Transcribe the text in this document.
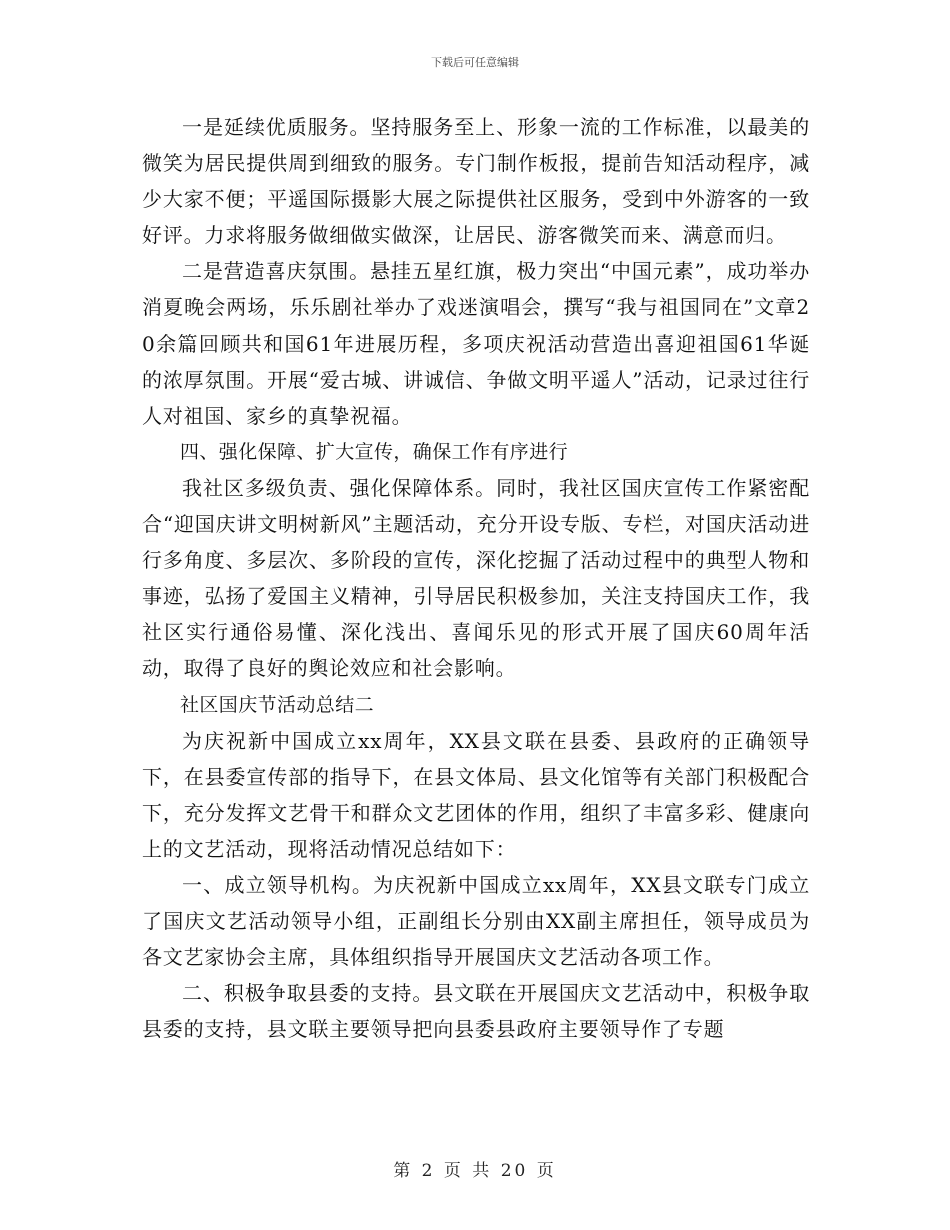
下载后可任意编辑

一是延续优质服务。坚持服务至上、形象一流的工作标准，以最美的微笑为居民提供周到细致的服务。专门制作板报，提前告知活动程序，减少大家不便；平遥国际摄影大展之际提供社区服务，受到中外游客的一致好评。力求将服务做细做实做深，让居民、游客微笑而来、满意而归。

二是营造喜庆氛围。悬挂五星红旗，极力突出“中国元素”，成功举办消夏晚会两场，乐乐剧社举办了戏迷演唱会，撰写“我与祖国同在”文章20余篇回顾共和国61年进展历程，多项庆祝活动营造出喜迎祖国61华诞的浓厚氛围。开展“爱古城、讲诚信、争做文明平遥人”活动，记录过往行人对祖国、家乡的真挚祝福。

四、强化保障、扩大宣传，确保工作有序进行

我社区多级负责、强化保障体系。同时，我社区国庆宣传工作紧密配合“迎国庆讲文明树新风”主题活动，充分开设专版、专栏，对国庆活动进行多角度、多层次、多阶段的宣传，深化挖掘了活动过程中的典型人物和事迹，弘扬了爱国主义精神，引导居民积极参加，关注支持国庆工作，我社区实行通俗易懂、深化浅出、喜闻乐见的形式开展了国庆60周年活动，取得了良好的舆论效应和社会影响。

社区国庆节活动总结二

为庆祝新中国成立xx周年，XX县文联在县委、县政府的正确领导下，在县委宣传部的指导下，在县文体局、县文化馆等有关部门积极配合下，充分发挥文艺骨干和群众文艺团体的作用，组织了丰富多彩、健康向上的文艺活动，现将活动情况总结如下：

一、成立领导机构。为庆祝新中国成立xx周年，XX县文联专门成立了国庆文艺活动领导小组，正副组长分别由XX副主席担任，领导成员为各文艺家协会主席，具体组织指导开展国庆文艺活动各项工作。

二、积极争取县委的支持。县文联在开展国庆文艺活动中，积极争取县委的支持，县文联主要领导把向县委县政府主要领导作了专题

第 2 页 共 20 页
